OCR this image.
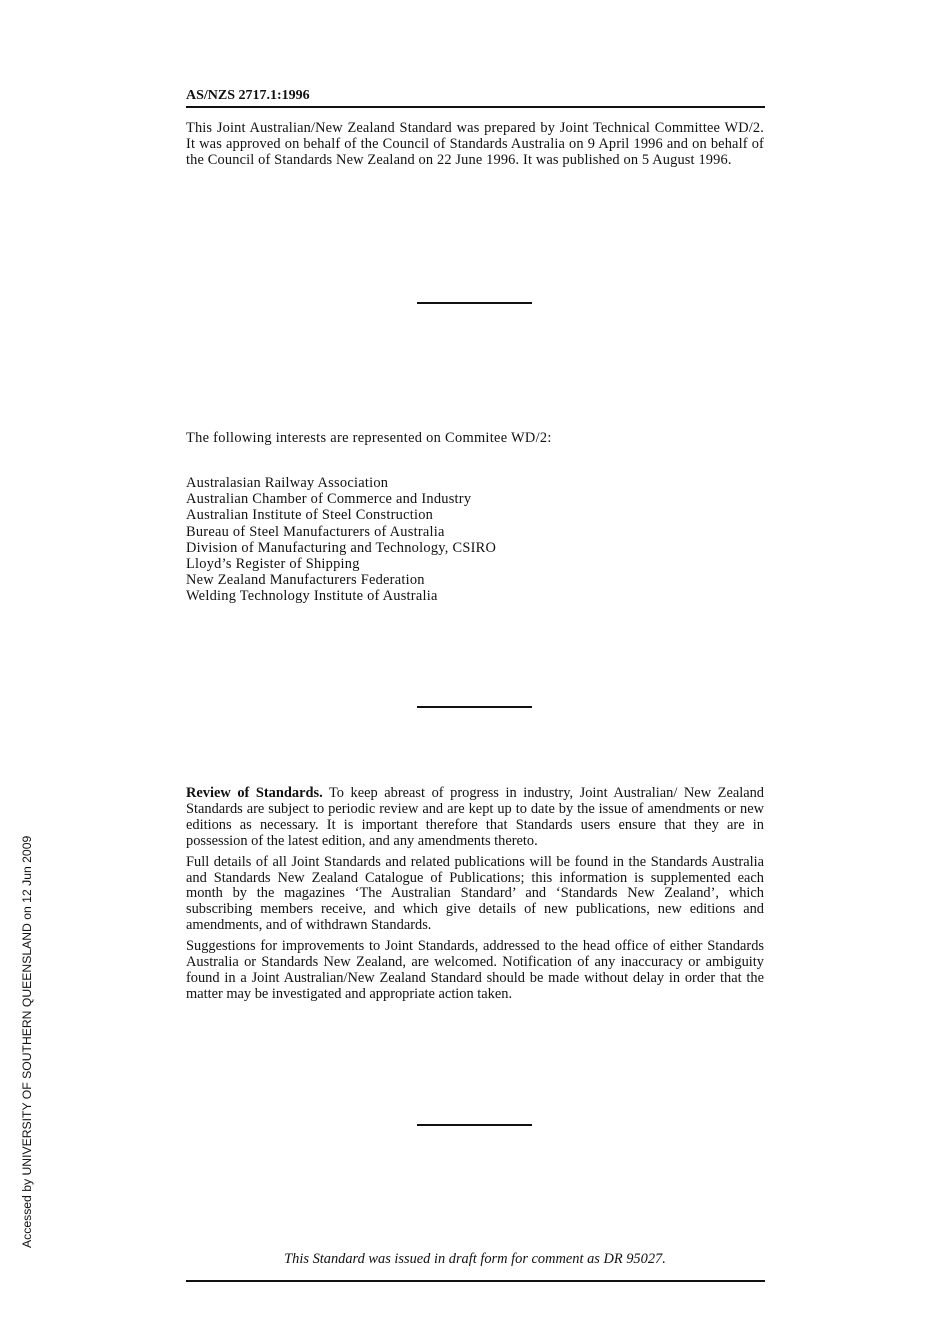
AS/NZS 2717.1:1996

This Joint Australian/New Zealand Standard was prepared by Joint Technical Committee WD/2. It was approved on behalf of the Council of Standards Australia on 9 April 1996 and on behalf of the Council of Standards New Zealand on 22 June 1996. It was published on 5 August 1996.

The following interests are represented on Commitee WD/2:
Australasian Railway Association
Australian Chamber of Commerce and Industry
Australian Institute of Steel Construction
Bureau of Steel Manufacturers of Australia
Division of Manufacturing and Technology, CSIRO
Lloyd’s Register of Shipping
New Zealand Manufacturers Federation
Welding Technology Institute of Australia

Review of Standards. To keep abreast of progress in industry, Joint Australian/ New Zealand Standards are subject to periodic review and are kept up to date by the issue of amendments or new editions as necessary. It is important therefore that Standards users ensure that they are in possession of the latest edition, and any amendments thereto.

Full details of all Joint Standards and related publications will be found in the Standards Australia and Standards New Zealand Catalogue of Publications; this information is supplemented each month by the magazines ‘The Australian Standard’ and ‘Standards New Zealand’, which subscribing members receive, and which give details of new publications, new editions and amendments, and of withdrawn Standards.

Suggestions for improvements to Joint Standards, addressed to the head office of either Standards Australia or Standards New Zealand, are welcomed. Notification of any inaccuracy or ambiguity found in a Joint Australian/New Zealand Standard should be made without delay in order that the matter may be investigated and appropriate action taken.

This Standard was issued in draft form for comment as DR 95027.
Accessed by UNIVERSITY OF SOUTHERN QUEENSLAND on 12 Jun 2009
